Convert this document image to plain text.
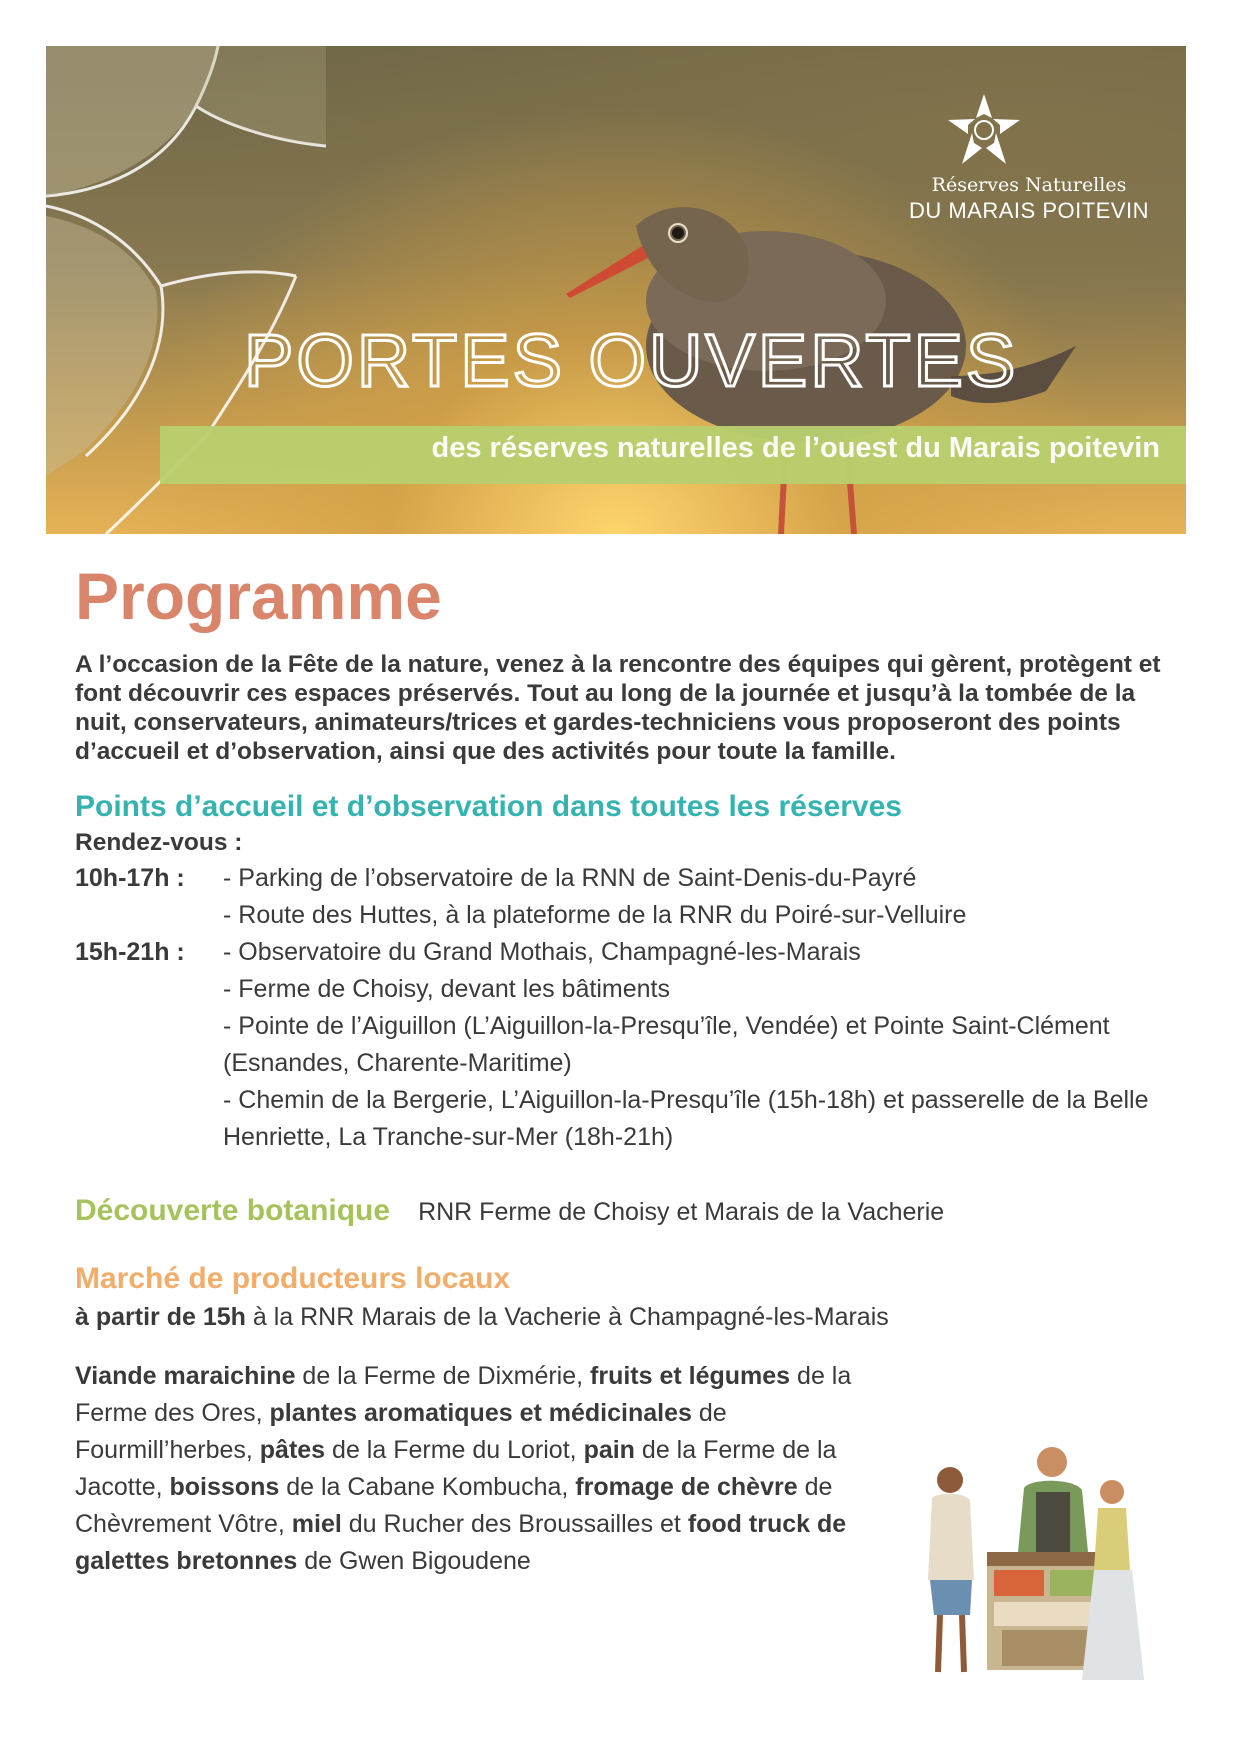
Réserves Naturelles
DU MARAIS POITEVIN
PORTES OUVERTES
des réserves naturelles de l’ouest du Marais poitevin
Programme

A l’occasion de la Fête de la nature, venez à la rencontre des équipes qui gèrent, protègent et font découvrir ces espaces préservés. Tout au long de la journée et jusqu’à la tombée de la nuit, conservateurs, animateurs/trices et gardes-techniciens vous proposeront des points d’accueil et d’observation, ainsi que des activités pour toute la famille.

Points d’accueil et d’observation dans toutes les réserves
Rendez-vous :
10h-17h :	- Parking de l’observatoire de la RNN de Saint-Denis-du-Payré
- Route des Huttes, à la plateforme de la RNR du Poiré-sur-Velluire
15h-21h :	- Observatoire du Grand Mothais, Champagné-les-Marais
- Ferme de Choisy, devant les bâtiments
- Pointe de l’Aiguillon (L’Aiguillon-la-Presqu’île, Vendée) et Pointe Saint-Clément (Esnandes, Charente-Maritime)
- Chemin de la Bergerie, L’Aiguillon-la-Presqu’île (15h-18h) et passerelle de la Belle Henriette, La Tranche-sur-Mer (18h-21h)
Découverte botanique RNR Ferme de Choisy et Marais de la Vacherie
Marché de producteurs locaux
à partir de 15h à la RNR Marais de la Vacherie à Champagné-les-Marais

Viande maraichine de la Ferme de Dixmérie, fruits et légumes de la Ferme des Ores, plantes aromatiques et médicinales de Fourmill’herbes, pâtes de la Ferme du Loriot, pain de la Ferme de la Jacotte, boissons de la Cabane Kombucha, fromage de chèvre de Chèvrement Vôtre, miel du Rucher des Broussailles et food truck de galettes bretonnes de Gwen Bigoudene
